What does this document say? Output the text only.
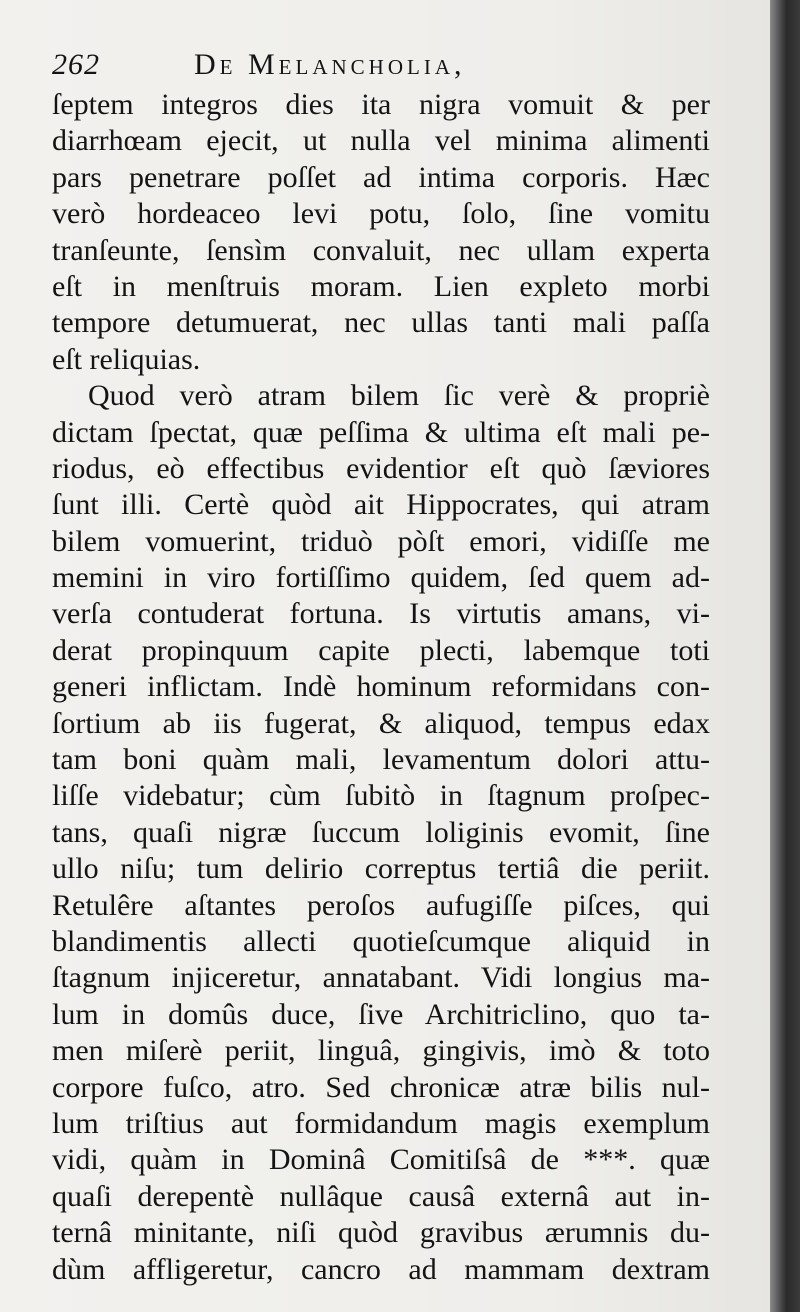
262	De Melancholia,
ſeptem integros dies ita nigra vomuit & per
diarrhœam ejecit, ut nulla vel minima alimenti
pars penetrare poſſet ad intima corporis. Hæc
verò hordeaceo levi potu, ſolo, ſine vomitu
tranſeunte, ſensìm convaluit, nec ullam experta
eſt in menſtruis moram. Lien expleto morbi
tempore detumuerat, nec ullas tanti mali paſſa
eſt reliquias.
Quod verò atram bilem ſic verè & propriè
dictam ſpectat, quæ peſſima & ultima eſt mali pe-
riodus, eò effectibus evidentior eſt quò ſæviores
ſunt illi. Certè quòd ait Hippocrates, qui atram
bilem vomuerint, triduò pòſt emori, vidiſſe me
memini in viro fortiſſimo quidem, ſed quem ad-
verſa contuderat fortuna. Is virtutis amans, vi-
derat propinquum capite plecti, labemque toti
generi inflictam. Indè hominum reformidans con-
ſortium ab iis fugerat, & aliquod, tempus edax
tam boni quàm mali, levamentum dolori attu-
liſſe videbatur; cùm ſubitò in ſtagnum proſpec-
tans, quaſi nigræ ſuccum loliginis evomit, ſine
ullo niſu; tum delirio correptus tertiâ die periit.
Retulêre aſtantes peroſos aufugiſſe piſces, qui
blandimentis allecti quotieſcumque aliquid in
ſtagnum injiceretur, annatabant. Vidi longius ma-
lum in domûs duce, ſive Architriclino, quo ta-
men miſerè periit, linguâ, gingivis, imò & toto
corpore fuſco, atro. Sed chronicæ atræ bilis nul-
lum triſtius aut formidandum magis exemplum
vidi, quàm in Dominâ Comitiſsâ de ***. quæ
quaſi derepentè nullâque causâ externâ aut in-
ternâ minitante, niſi quòd gravibus ærumnis du-
dùm affligeretur, cancro ad mammam dextram
